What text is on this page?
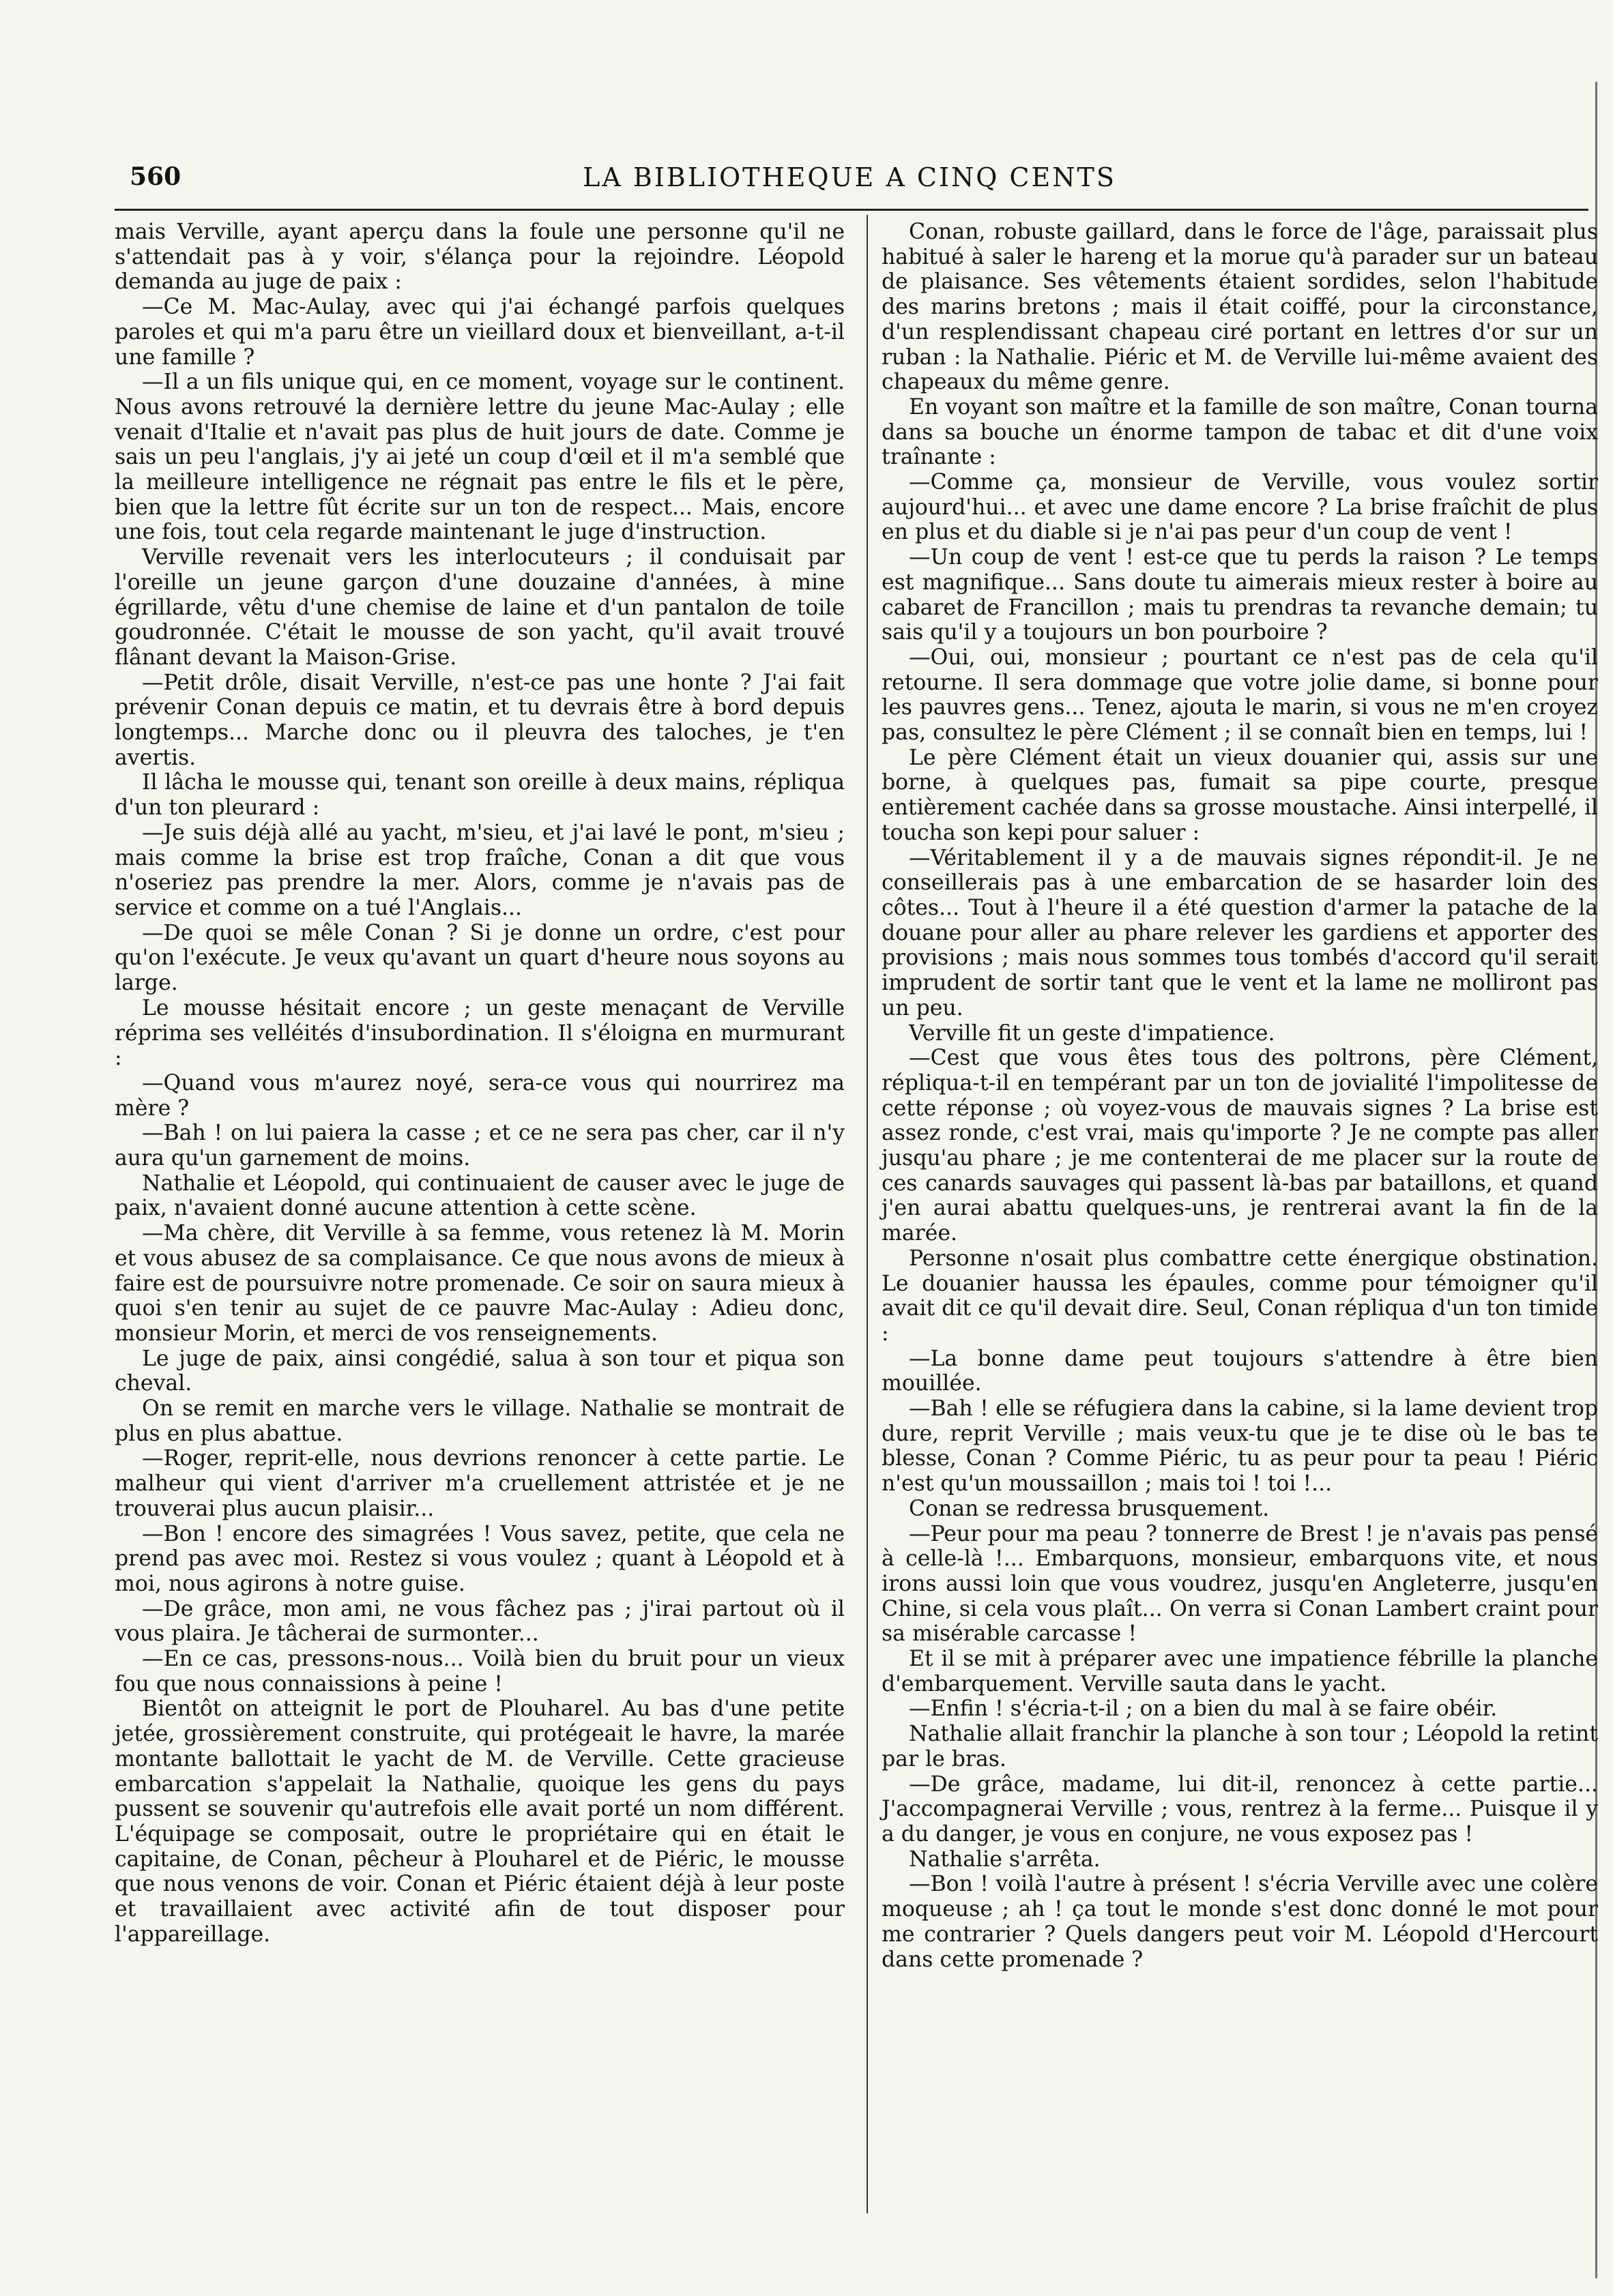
560	LA BIBLIOTHEQUE A CINQ CENTS

mais Verville, ayant aperçu dans la foule une personne qu'il ne s'attendait pas à y voir, s'élança pour la rejoindre. Léopold demanda au juge de paix :

—Ce M. Mac-Aulay, avec qui j'ai échangé parfois quelques paroles et qui m'a paru être un vieillard doux et bienveillant, a-t-il une famille ?

—Il a un fils unique qui, en ce moment, voyage sur le continent. Nous avons retrouvé la dernière lettre du jeune Mac-Aulay ; elle venait d'Italie et n'avait pas plus de huit jours de date. Comme je sais un peu l'anglais, j'y ai jeté un coup d'œil et il m'a semblé que la meilleure intelligence ne régnait pas entre le fils et le père, bien que la lettre fût écrite sur un ton de respect... Mais, encore une fois, tout cela regarde maintenant le juge d'instruction.

Verville revenait vers les interlocuteurs ; il conduisait par l'oreille un jeune garçon d'une douzaine d'années, à mine égrillarde, vêtu d'une chemise de laine et d'un pantalon de toile goudronnée. C'était le mousse de son yacht, qu'il avait trouvé flânant devant la Maison-Grise.

—Petit drôle, disait Verville, n'est-ce pas une honte ? J'ai fait prévenir Conan depuis ce matin, et tu devrais être à bord depuis longtemps... Marche donc ou il pleuvra des taloches, je t'en avertis.

Il lâcha le mousse qui, tenant son oreille à deux mains, répliqua d'un ton pleurard :

—Je suis déjà allé au yacht, m'sieu, et j'ai lavé le pont, m'sieu ; mais comme la brise est trop fraîche, Conan a dit que vous n'oseriez pas prendre la mer. Alors, comme je n'avais pas de service et comme on a tué l'Anglais...

—De quoi se mêle Conan ? Si je donne un ordre, c'est pour qu'on l'exécute. Je veux qu'avant un quart d'heure nous soyons au large.

Le mousse hésitait encore ; un geste menaçant de Verville réprima ses velléités d'insubordination. Il s'éloigna en murmurant :

—Quand vous m'aurez noyé, sera-ce vous qui nourrirez ma mère ?

—Bah ! on lui paiera la casse ; et ce ne sera pas cher, car il n'y aura qu'un garnement de moins.

Nathalie et Léopold, qui continuaient de causer avec le juge de paix, n'avaient donné aucune attention à cette scène.

—Ma chère, dit Verville à sa femme, vous retenez là M. Morin et vous abusez de sa complaisance. Ce que nous avons de mieux à faire est de poursuivre notre promenade. Ce soir on saura mieux à quoi s'en tenir au sujet de ce pauvre Mac-Aulay : Adieu donc, monsieur Morin, et merci de vos renseignements.

Le juge de paix, ainsi congédié, salua à son tour et piqua son cheval.

On se remit en marche vers le village. Nathalie se montrait de plus en plus abattue.

—Roger, reprit-elle, nous devrions renoncer à cette partie. Le malheur qui vient d'arriver m'a cruellement attristée et je ne trouverai plus aucun plaisir...

—Bon ! encore des simagrées ! Vous savez, petite, que cela ne prend pas avec moi. Restez si vous voulez ; quant à Léopold et à moi, nous agirons à notre guise.

—De grâce, mon ami, ne vous fâchez pas ; j'irai partout où il vous plaira. Je tâcherai de surmonter...

—En ce cas, pressons-nous... Voilà bien du bruit pour un vieux fou que nous connaissions à peine !

Bientôt on atteignit le port de Plouharel. Au bas d'une petite jetée, grossièrement construite, qui protégeait le havre, la marée montante ballottait le yacht de M. de Verville. Cette gracieuse embarcation s'appelait la Nathalie, quoique les gens du pays pussent se souvenir qu'autrefois elle avait porté un nom différent. L'équipage se composait, outre le propriétaire qui en était le capitaine, de Conan, pêcheur à Plouharel et de Piéric, le mousse que nous venons de voir. Conan et Piéric étaient déjà à leur poste et travaillaient avec activité afin de tout disposer pour l'appareillage.

Conan, robuste gaillard, dans le force de l'âge, paraissait plus habitué à saler le hareng et la morue qu'à parader sur un bateau de plaisance. Ses vêtements étaient sordides, selon l'habitude des marins bretons ; mais il était coiffé, pour la circonstance, d'un resplendissant chapeau ciré portant en lettres d'or sur un ruban : la Nathalie. Piéric et M. de Verville lui-même avaient des chapeaux du même genre.

En voyant son maître et la famille de son maître, Conan tourna dans sa bouche un énorme tampon de tabac et dit d'une voix traînante :

—Comme ça, monsieur de Verville, vous voulez sortir aujourd'hui... et avec une dame encore ? La brise fraîchit de plus en plus et du diable si je n'ai pas peur d'un coup de vent !

—Un coup de vent ! est-ce que tu perds la raison ? Le temps est magnifique... Sans doute tu aimerais mieux rester à boire au cabaret de Francillon ; mais tu prendras ta revanche demain; tu sais qu'il y a toujours un bon pourboire ?

—Oui, oui, monsieur ; pourtant ce n'est pas de cela qu'il retourne. Il sera dommage que votre jolie dame, si bonne pour les pauvres gens... Tenez, ajouta le marin, si vous ne m'en croyez pas, consultez le père Clément ; il se connaît bien en temps, lui !

Le père Clément était un vieux douanier qui, assis sur une borne, à quelques pas, fumait sa pipe courte, presque entièrement cachée dans sa grosse moustache. Ainsi interpellé, il toucha son kepi pour saluer :

—Véritablement il y a de mauvais signes répondit-il. Je ne conseillerais pas à une embarcation de se hasarder loin des côtes... Tout à l'heure il a été question d'armer la patache de la douane pour aller au phare relever les gardiens et apporter des provisions ; mais nous sommes tous tombés d'accord qu'il serait imprudent de sortir tant que le vent et la lame ne molliront pas un peu.

Verville fit un geste d'impatience.

—Cest que vous êtes tous des poltrons, père Clément, répliqua-t-il en tempérant par un ton de jovialité l'impolitesse de cette réponse ; où voyez-vous de mauvais signes ? La brise est assez ronde, c'est vrai, mais qu'importe ? Je ne compte pas aller jusqu'au phare ; je me contenterai de me placer sur la route de ces canards sauvages qui passent là-bas par bataillons, et quand j'en aurai abattu quelques-uns, je rentrerai avant la fin de la marée.

Personne n'osait plus combattre cette énergique obstination. Le douanier haussa les épaules, comme pour témoigner qu'il avait dit ce qu'il devait dire. Seul, Conan répliqua d'un ton timide :

—La bonne dame peut toujours s'attendre à être bien mouillée.

—Bah ! elle se réfugiera dans la cabine, si la lame devient trop dure, reprit Verville ; mais veux-tu que je te dise où le bas te blesse, Conan ? Comme Piéric, tu as peur pour ta peau ! Piéric n'est qu'un moussaillon ; mais toi ! toi !...

Conan se redressa brusquement.

—Peur pour ma peau ? tonnerre de Brest ! je n'avais pas pensé à celle-là !... Embarquons, monsieur, embarquons vite, et nous irons aussi loin que vous voudrez, jusqu'en Angleterre, jusqu'en Chine, si cela vous plaît... On verra si Conan Lambert craint pour sa misérable carcasse !

Et il se mit à préparer avec une impatience fébrille la planche d'embarquement. Verville sauta dans le yacht.

—Enfin ! s'écria-t-il ; on a bien du mal à se faire obéir.

Nathalie allait franchir la planche à son tour ; Léopold la retint par le bras.

—De grâce, madame, lui dit-il, renoncez à cette partie... J'accompagnerai Verville ; vous, rentrez à la ferme... Puisque il y a du danger, je vous en conjure, ne vous exposez pas !

Nathalie s'arrêta.

—Bon ! voilà l'autre à présent ! s'écria Verville avec une colère moqueuse ; ah ! ça tout le monde s'est donc donné le mot pour me contrarier ? Quels dangers peut voir M. Léopold d'Hercourt dans cette promenade ?
